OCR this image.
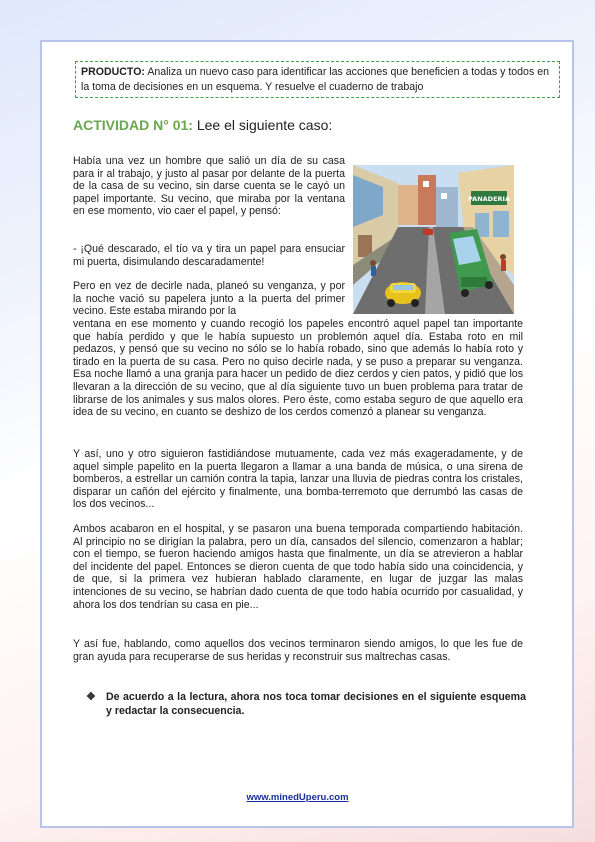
PRODUCTO: Analiza un nuevo caso para identificar las acciones que beneficien a todas y todos en la toma de decisiones en un esquema. Y resuelve el cuaderno de trabajo
ACTIVIDAD N° 01: Lee el siguiente caso:

Había una vez un hombre que salió un día de su casa para ir al trabajo, y justo al pasar por delante de la puerta de la casa de su vecino, sin darse cuenta se le cayó un papel importante. Su vecino, que miraba por la ventana en ese momento, vio caer el papel, y pensó:

- ¡Qué descarado, el tío va y tira un papel para ensuciar mi puerta, disimulando descaradamente!

Pero en vez de decirle nada, planeó su venganza, y por la noche vació su papelera junto a la puerta del primer vecino. Este estaba mirando por la

ventana en ese momento y cuando recogió los papeles encontró aquel papel tan importante que había perdido y que le había supuesto un problemón aquel día. Estaba roto en mil pedazos, y pensó que su vecino no sólo se lo había robado, sino que además lo había roto y tirado en la puerta de su casa. Pero no quiso decirle nada, y se puso a preparar su venganza. Esa noche llamó a una granja para hacer un pedido de diez cerdos y cien patos, y pidió que los llevaran a la dirección de su vecino, que al día siguiente tuvo un buen problema para tratar de librarse de los animales y sus malos olores. Pero éste, como estaba seguro de que aquello era idea de su vecino, en cuanto se deshizo de los cerdos comenzó a planear su venganza.

Y así, uno y otro siguieron fastidiándose mutuamente, cada vez más exageradamente, y de aquel simple papelito en la puerta llegaron a llamar a una banda de música, o una sirena de bomberos, a estrellar un camión contra la tapia, lanzar una lluvia de piedras contra los cristales, disparar un cañón del ejército y finalmente, una bomba-terremoto que derrumbó las casas de los dos vecinos...

Ambos acabaron en el hospital, y se pasaron una buena temporada compartiendo habitación. Al principio no se dirigían la palabra, pero un día, cansados del silencio, comenzaron a hablar; con el tiempo, se fueron haciendo amigos hasta que finalmente, un día se atrevieron a hablar del incidente del papel. Entonces se dieron cuenta de que todo había sido una coincidencia, y de que, si la primera vez hubieran hablado claramente, en lugar de juzgar las malas intenciones de su vecino, se habrían dado cuenta de que todo había ocurrido por casualidad, y ahora los dos tendrían su casa en pie...

Y así fue, hablando, como aquellos dos vecinos terminaron siendo amigos, lo que les fue de gran ayuda para recuperarse de sus heridas y reconstruir sus maltrechas casas.

PANADERIA
❖ De acuerdo a la lectura, ahora nos toca tomar decisiones en el siguiente esquema y redactar la consecuencia.
www.minedUperu.com
